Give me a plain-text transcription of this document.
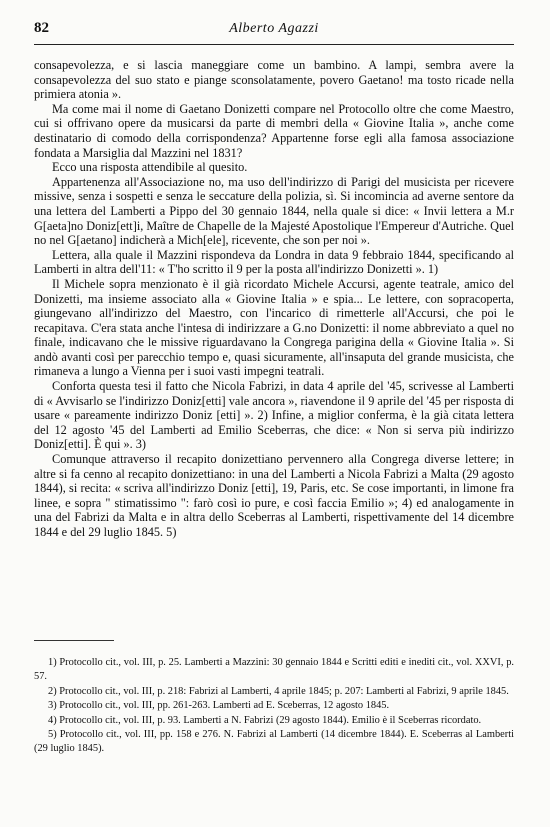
82	Alberto Agazzi

consapevolezza, e si lascia maneggiare come un bambino. A lampi, sembra avere la consapevolezza del suo stato e piange sconsolatamente, povero Gaetano! ma tosto ricade nella primiera atonia ».

Ma come mai il nome di Gaetano Donizetti compare nel Protocollo oltre che come Maestro, cui si offrivano opere da musicarsi da parte di membri della « Giovine Italia », anche come destinatario di comodo della corrispondenza? Appartenne forse egli alla famosa associazione fondata a Marsiglia dal Mazzini nel 1831?

Ecco una risposta attendibile al quesito.

Appartenenza all'Associazione no, ma uso dell'indirizzo di Parigi del musicista per ricevere missive, senza i sospetti e senza le seccature della polizia, sì. Si incomincia ad averne sentore da una lettera del Lamberti a Pippo del 30 gennaio 1844, nella quale si dice: « Invii lettera a M.r G[aeta]no Doniz[ett]i, Maître de Chapelle de la Majesté Apostolique l'Empereur d'Autriche. Quel no nel G[aetano] indicherà a Mich[ele], ricevente, che son per noi ».

Lettera, alla quale il Mazzini rispondeva da Londra in data 9 febbraio 1844, specificando al Lamberti in altra dell'11: « T'ho scritto il 9 per la posta all'indirizzo Donizetti ». 1)

Il Michele sopra menzionato è il già ricordato Michele Accursi, agente teatrale, amico del Donizetti, ma insieme associato alla « Giovine Italia » e spia... Le lettere, con sopracoperta, giungevano all'indirizzo del Maestro, con l'incarico di rimetterle all'Accursi, che poi le recapitava. C'era stata anche l'intesa di indirizzare a G.no Donizetti: il nome abbreviato a quel no finale, indicavano che le missive riguardavano la Congrega parigina della « Giovine Italia ». Si andò avanti così per parecchio tempo e, quasi sicuramente, all'insaputa del grande musicista, che rimaneva a lungo a Vienna per i suoi vasti impegni teatrali.

Conforta questa tesi il fatto che Nicola Fabrizi, in data 4 aprile del '45, scrivesse al Lamberti di « Avvisarlo se l'indirizzo Doniz[etti] vale ancora », riavendone il 9 aprile del '45 per risposta di usare « pareamente indirizzo Doniz [etti] ». 2) Infine, a miglior conferma, è la già citata lettera del 12 agosto '45 del Lamberti ad Emilio Sceberras, che dice: « Non si serva più indirizzo Doniz[etti]. È qui ». 3)

Comunque attraverso il recapito donizettiano pervennero alla Congrega diverse lettere; in altre si fa cenno al recapito donizettiano: in una del Lamberti a Nicola Fabrizi a Malta (29 agosto 1844), si recita: « scriva all'indirizzo Doniz [etti], 19, Paris, etc. Se cose importanti, in limone fra linee, e sopra " stimatissimo ": farò così io pure, e così faccia Emilio »; 4) ed analogamente in una del Fabrizi da Malta e in altra dello Sceberras al Lamberti, rispettivamente del 14 dicembre 1844 e del 29 luglio 1845. 5)

1) Protocollo cit., vol. III, p. 25. Lamberti a Mazzini: 30 gennaio 1844 e Scritti editi e inediti cit., vol. XXVI, p. 57.

2) Protocollo cit., vol. III, p. 218: Fabrizi al Lamberti, 4 aprile 1845; p. 207: Lamberti al Fabrizi, 9 aprile 1845.

3) Protocollo cit., vol. III, pp. 261-263. Lamberti ad E. Sceberras, 12 agosto 1845.

4) Protocollo cit., vol. III, p. 93. Lamberti a N. Fabrizi (29 agosto 1844). Emilio è il Sceberras ricordato.

5) Protocollo cit., vol. III, pp. 158 e 276. N. Fabrizi al Lamberti (14 dicembre 1844). E. Sceberras al Lamberti (29 luglio 1845).
